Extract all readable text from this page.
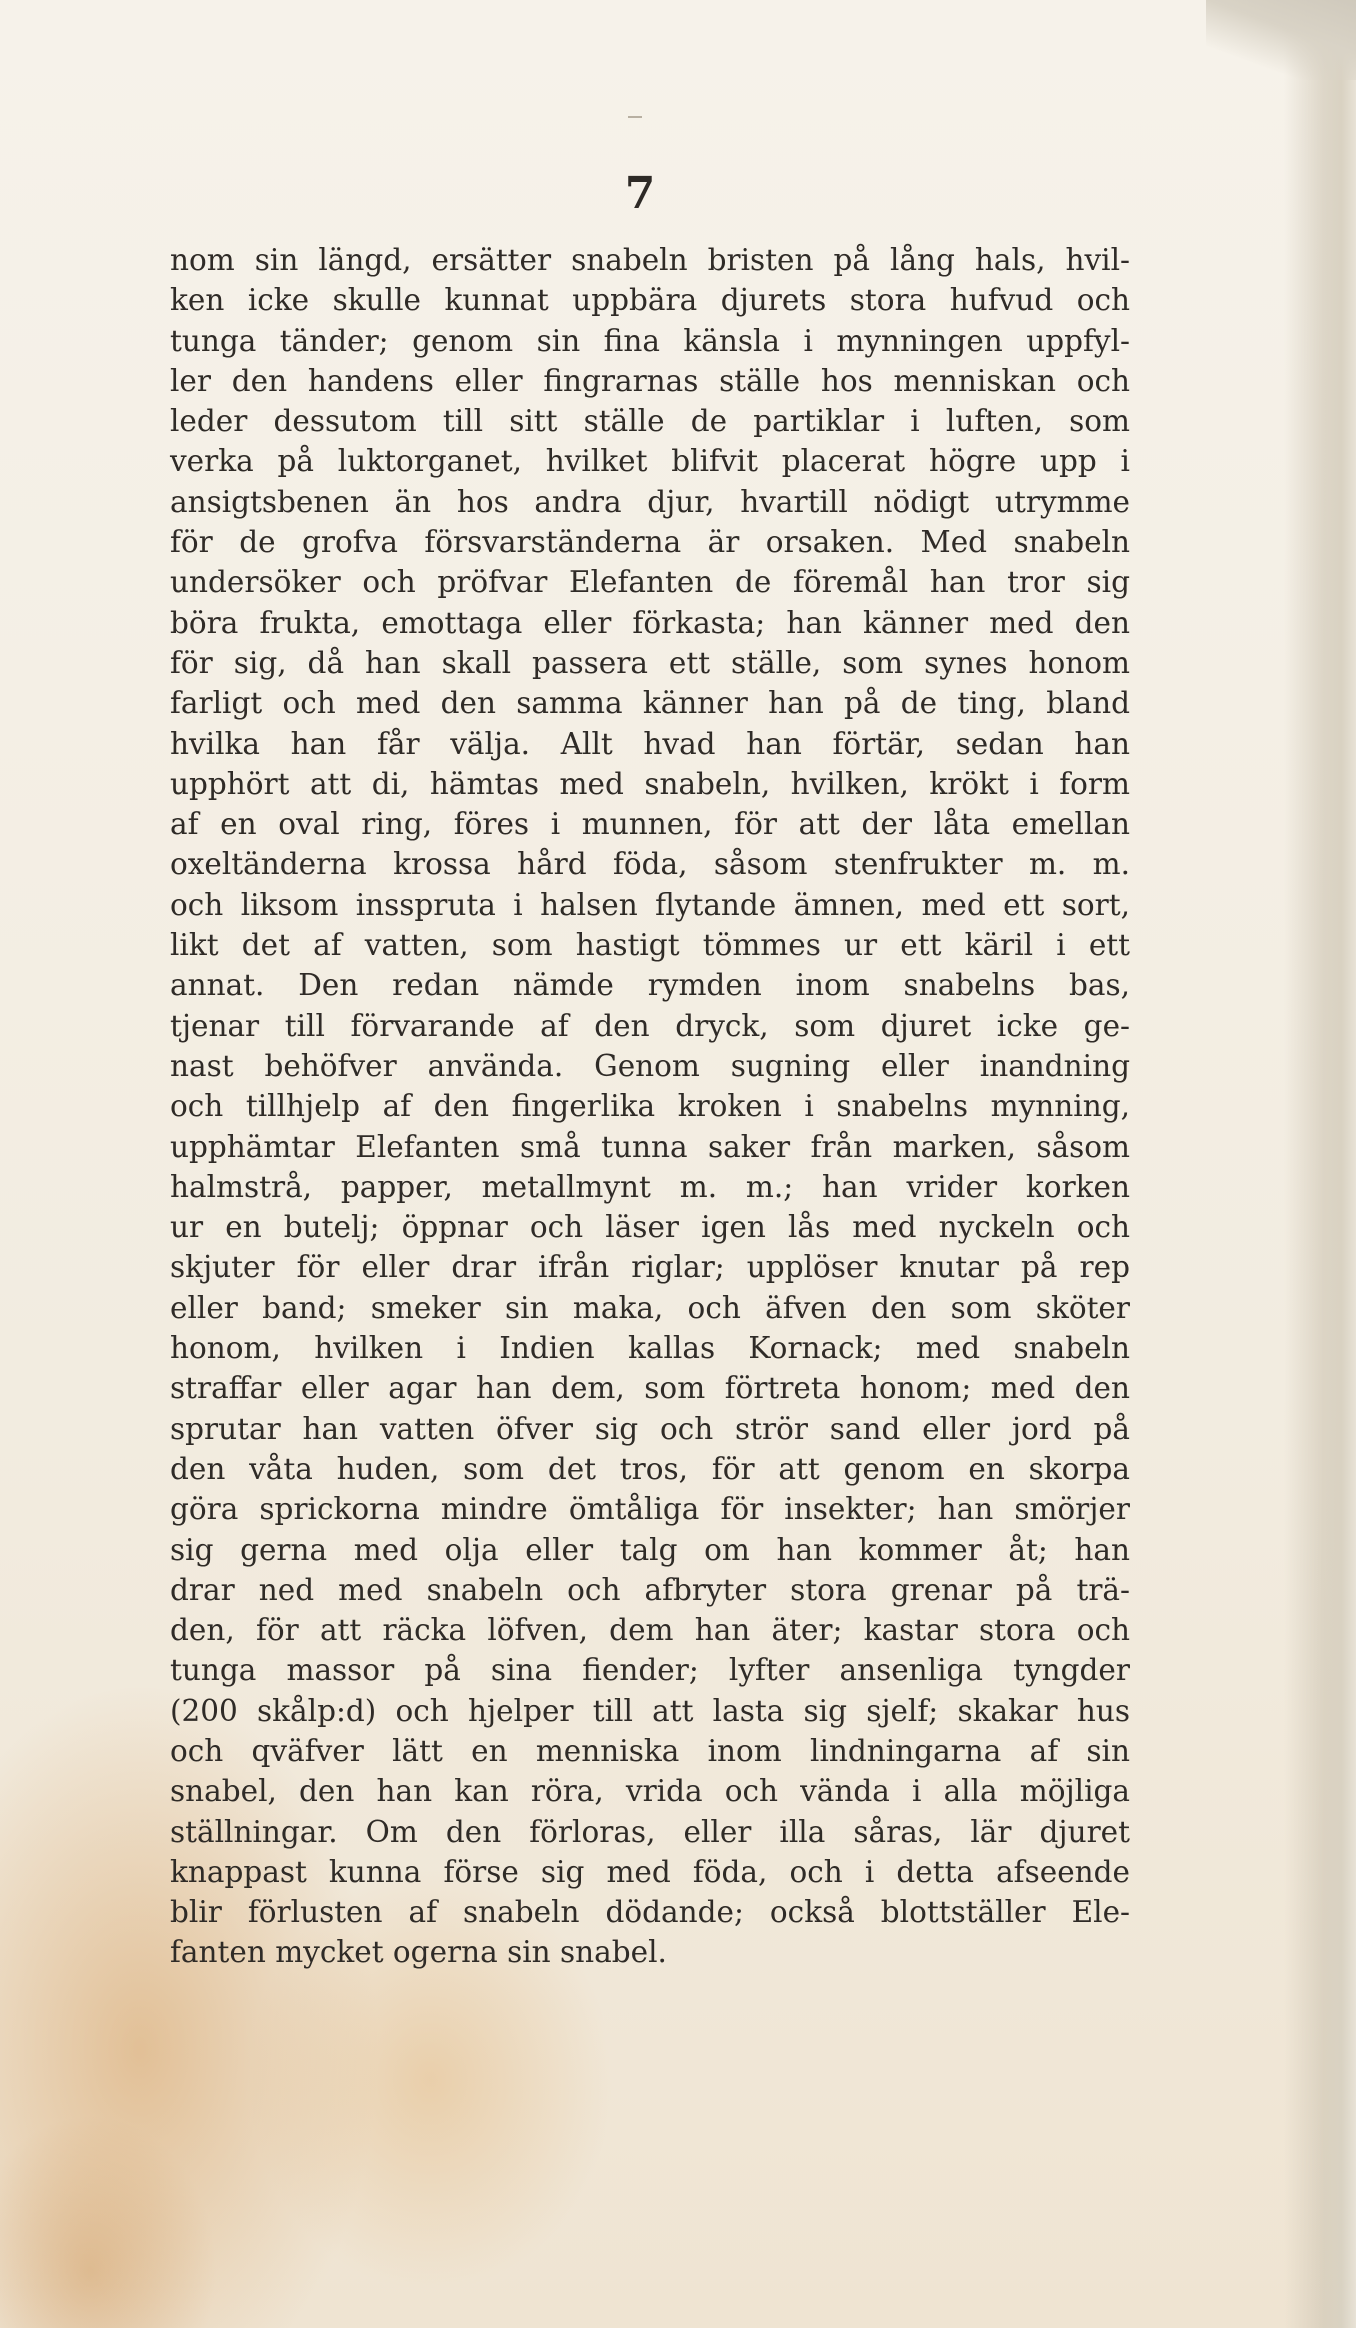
7
nom sin längd, ersätter snabeln bristen på lång hals, hvil-
ken icke skulle kunnat uppbära djurets stora hufvud och
tunga tänder; genom sin fina känsla i mynningen uppfyl-
ler den handens eller fingrarnas ställe hos menniskan och
leder dessutom till sitt ställe de partiklar i luften, som
verka på luktorganet, hvilket blifvit placerat högre upp i
ansigtsbenen än hos andra djur, hvartill nödigt utrymme
för de grofva försvarständerna är orsaken. Med snabeln
undersöker och pröfvar Elefanten de föremål han tror sig
böra frukta, emottaga eller förkasta; han känner med den
för sig, då han skall passera ett ställe, som synes honom
farligt och med den samma känner han på de ting, bland
hvilka han får välja. Allt hvad han förtär, sedan han
upphört att di, hämtas med snabeln, hvilken, krökt i form
af en oval ring, föres i munnen, för att der låta emellan
oxeltänderna krossa hård föda, såsom stenfrukter m. m.
och liksom insspruta i halsen flytande ämnen, med ett sort,
likt det af vatten, som hastigt tömmes ur ett käril i ett
annat. Den redan nämde rymden inom snabelns bas,
tjenar till förvarande af den dryck, som djuret icke ge-
nast behöfver använda. Genom sugning eller inandning
och tillhjelp af den fingerlika kroken i snabelns mynning,
upphämtar Elefanten små tunna saker från marken, såsom
halmstrå, papper, metallmynt m. m.; han vrider korken
ur en butelj; öppnar och läser igen lås med nyckeln och
skjuter för eller drar ifrån riglar; upplöser knutar på rep
eller band; smeker sin maka, och äfven den som sköter
honom, hvilken i Indien kallas Kornack; med snabeln
straffar eller agar han dem, som förtreta honom; med den
sprutar han vatten öfver sig och strör sand eller jord på
den våta huden, som det tros, för att genom en skorpa
göra sprickorna mindre ömtåliga för insekter; han smörjer
sig gerna med olja eller talg om han kommer åt; han
drar ned med snabeln och afbryter stora grenar på trä-
den, för att räcka löfven, dem han äter; kastar stora och
tunga massor på sina fiender; lyfter ansenliga tyngder
(200 skålp:d) och hjelper till att lasta sig sjelf; skakar hus
och qväfver lätt en menniska inom lindningarna af sin
snabel, den han kan röra, vrida och vända i alla möjliga
ställningar. Om den förloras, eller illa såras, lär djuret
knappast kunna förse sig med föda, och i detta afseende
blir förlusten af snabeln dödande; också blottställer Ele-
fanten mycket ogerna sin snabel.
